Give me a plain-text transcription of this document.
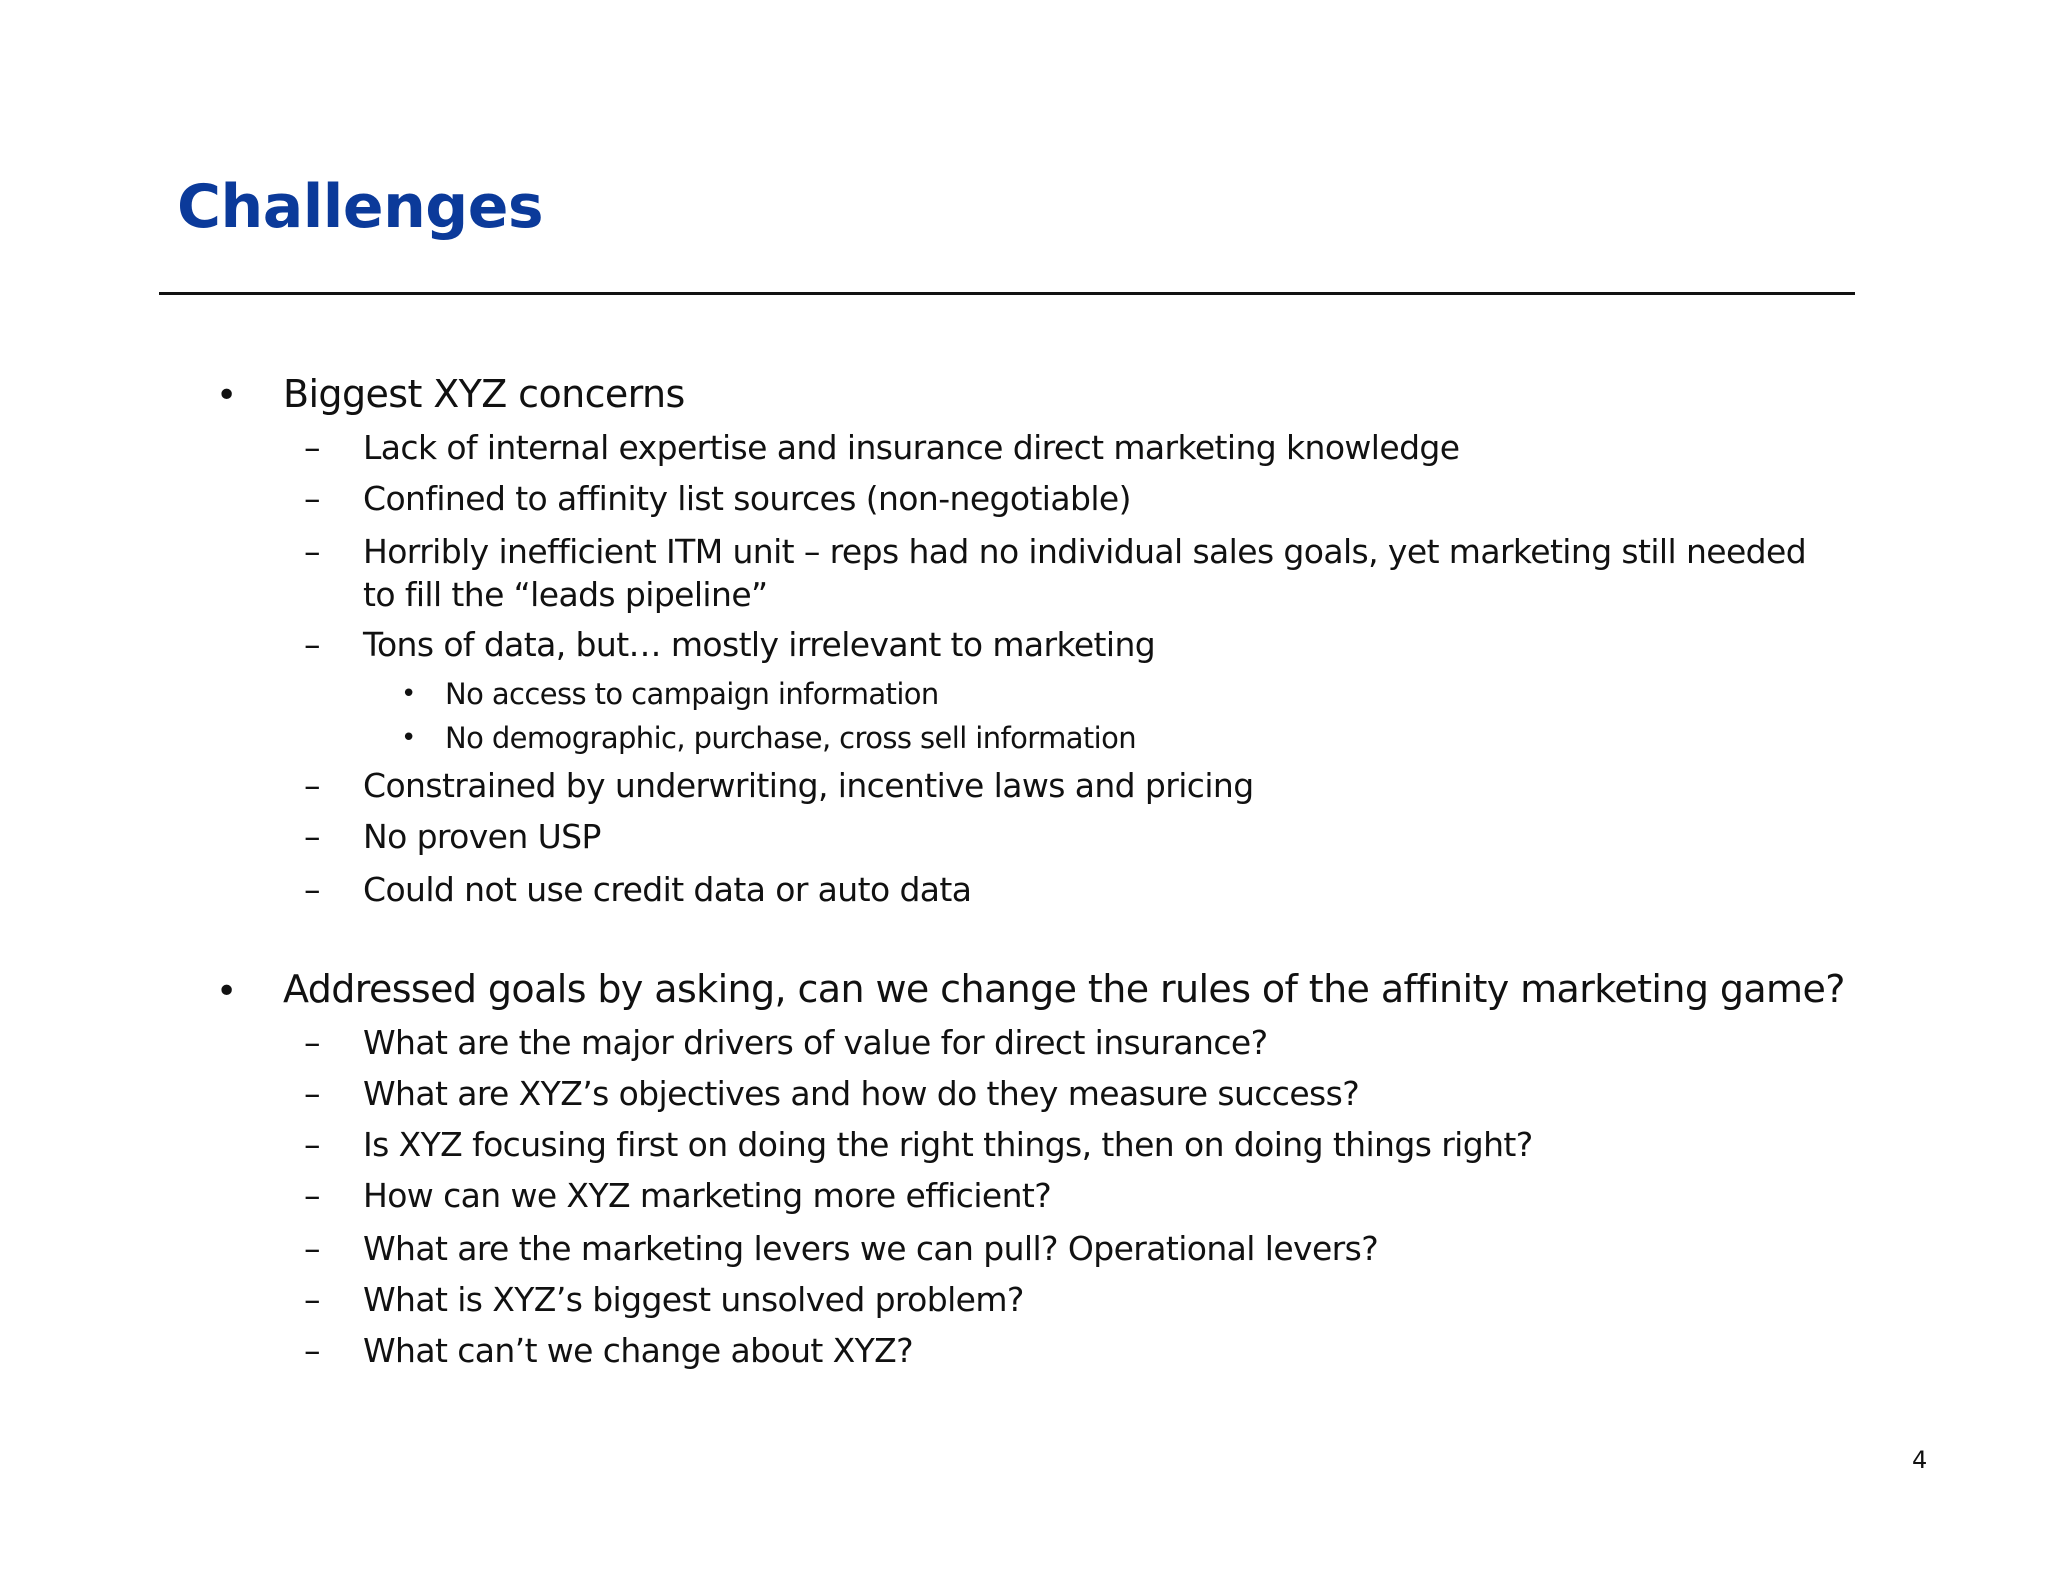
Challenges
• Biggest XYZ concerns
– Lack of internal expertise and insurance direct marketing knowledge
– Confined to affinity list sources (non-negotiable)
– Horribly inefficient ITM unit – reps had no individual sales goals, yet marketing still needed
to fill the “leads pipeline”
– Tons of data, but… mostly irrelevant to marketing
• No access to campaign information
• No demographic, purchase, cross sell information
– Constrained by underwriting, incentive laws and pricing
– No proven USP
– Could not use credit data or auto data
• Addressed goals by asking, can we change the rules of the affinity marketing game?
– What are the major drivers of value for direct insurance?
– What are XYZ’s objectives and how do they measure success?
– Is XYZ focusing first on doing the right things, then on doing things right?
– How can we XYZ marketing more efficient?
– What are the marketing levers we can pull? Operational levers?
– What is XYZ’s biggest unsolved problem?
– What can’t we change about XYZ?
4
